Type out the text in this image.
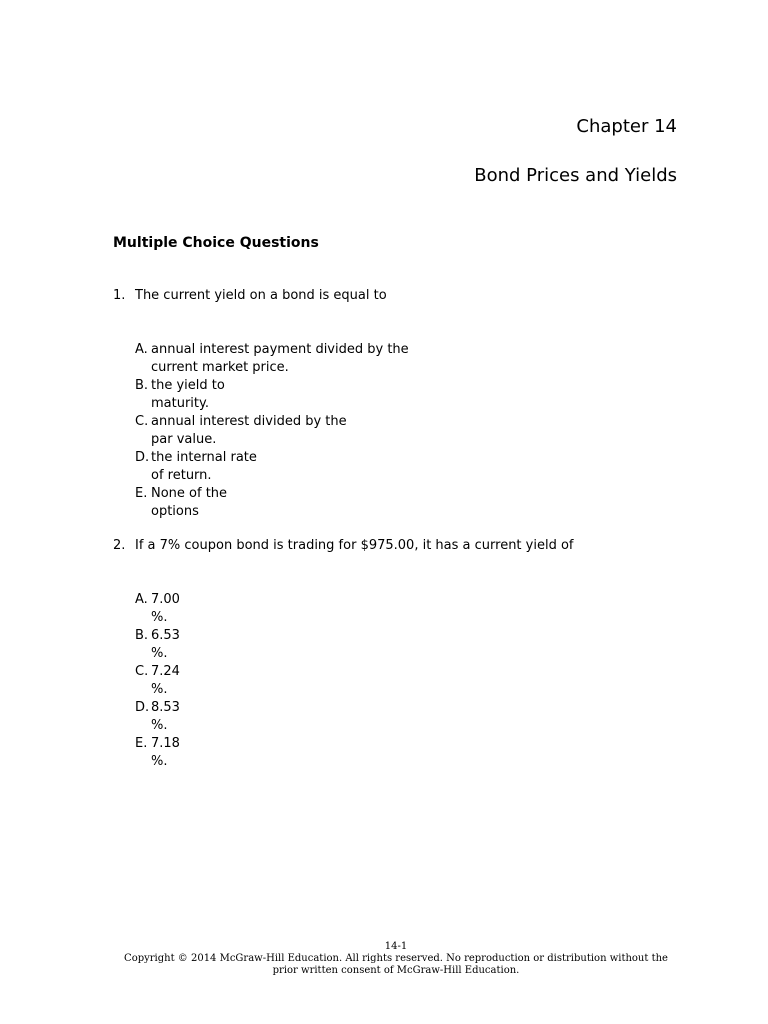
Chapter 14
Bond Prices and Yields
Multiple Choice Questions
1. The current yield on a bond is equal to
A. annual interest payment divided by the current market price.
B. the yield to maturity.
C. annual interest divided by the par value.
D. the internal rate of return.
E. None of the options
2. If a 7% coupon bond is trading for $975.00, it has a current yield of
A. 7.00 %.
B. 6.53 %.
C. 7.24 %.
D. 8.53 %.
E. 7.18 %.
14-1
Copyright © 2014 McGraw-Hill Education. All rights reserved. No reproduction or distribution without the prior written consent of McGraw-Hill Education.
